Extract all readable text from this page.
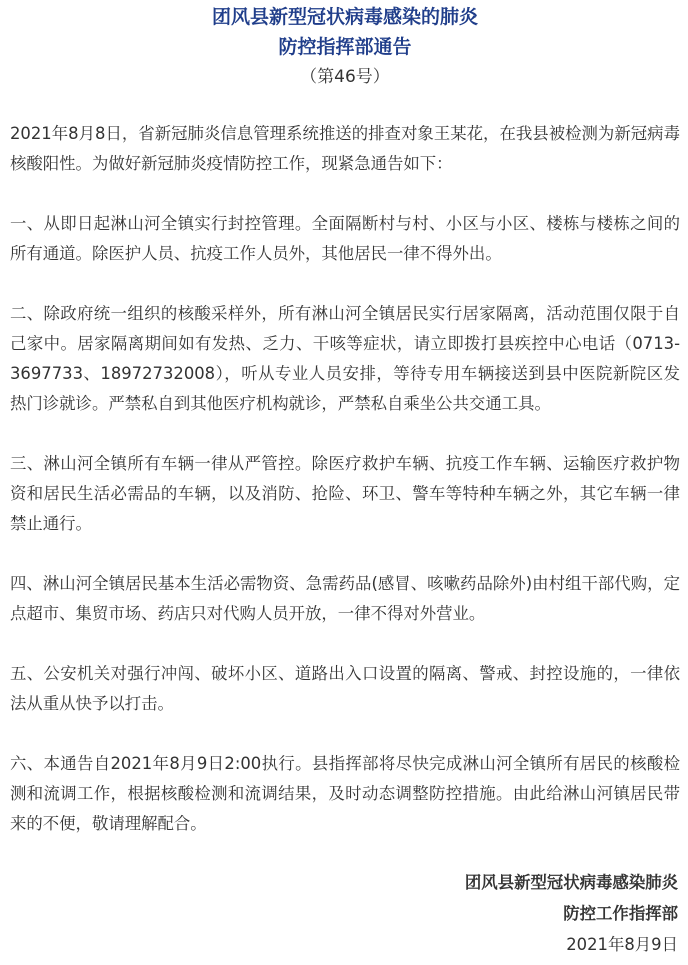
团风县新型冠状病毒感染的肺炎

防控指挥部通告

（第46号）

2021年8月8日，省新冠肺炎信息管理系统推送的排查对象王某花，在我县被检测为新冠病毒核酸阳性。为做好新冠肺炎疫情防控工作，现紧急通告如下：

一、从即日起淋山河全镇实行封控管理。全面隔断村与村、小区与小区、楼栋与楼栋之间的所有通道。除医护人员、抗疫工作人员外，其他居民一律不得外出。

二、除政府统一组织的核酸采样外，所有淋山河全镇居民实行居家隔离，活动范围仅限于自己家中。居家隔离期间如有发热、乏力、干咳等症状，请立即拨打县疾控中心电话（0713-3697733、18972732008），听从专业人员安排，等待专用车辆接送到县中医院新院区发热门诊就诊。严禁私自到其他医疗机构就诊，严禁私自乘坐公共交通工具。

三、淋山河全镇所有车辆一律从严管控。除医疗救护车辆、抗疫工作车辆、运输医疗救护物资和居民生活必需品的车辆，以及消防、抢险、环卫、警车等特种车辆之外，其它车辆一律禁止通行。

四、淋山河全镇居民基本生活必需物资、急需药品(感冒、咳嗽药品除外)由村组干部代购，定点超市、集贸市场、药店只对代购人员开放，一律不得对外营业。

五、公安机关对强行冲闯、破坏小区、道路出入口设置的隔离、警戒、封控设施的，一律依法从重从快予以打击。

六、本通告自2021年8月9日2:00执行。县指挥部将尽快完成淋山河全镇所有居民的核酸检测和流调工作，根据核酸检测和流调结果，及时动态调整防控措施。由此给淋山河镇居民带来的不便，敬请理解配合。

团风县新型冠状病毒感染肺炎

防控工作指挥部

2021年8月9日
